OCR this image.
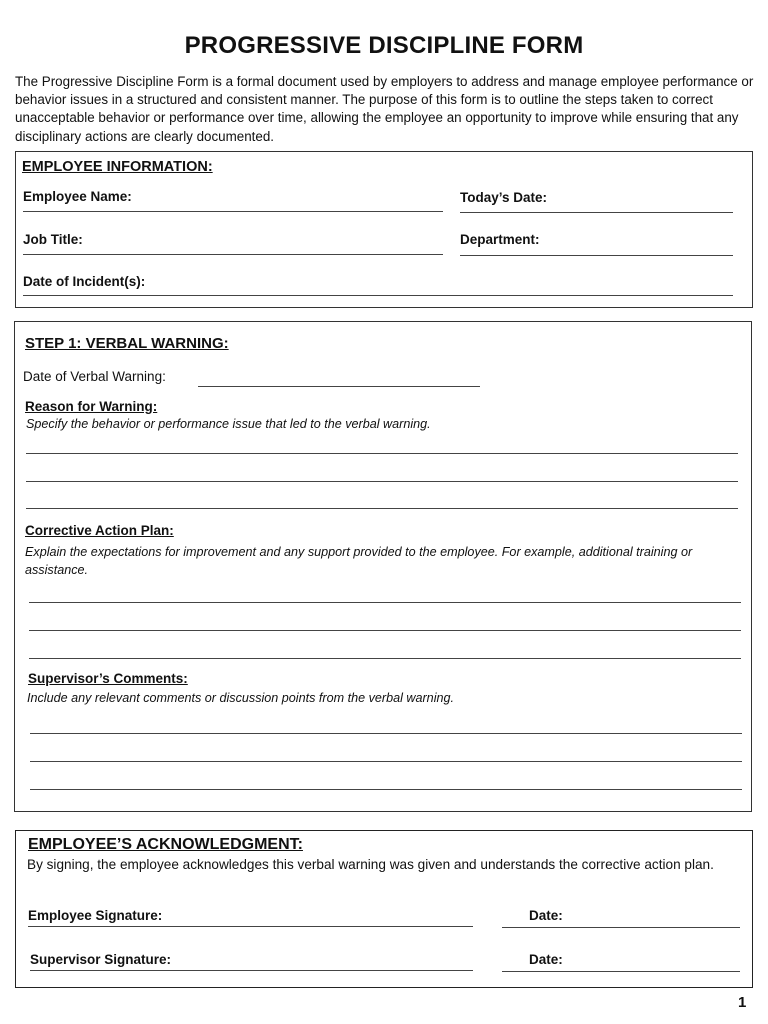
PROGRESSIVE DISCIPLINE FORM
The Progressive Discipline Form is a formal document used by employers to address and manage employee performance or behavior issues in a structured and consistent manner. The purpose of this form is to outline the steps taken to correct unacceptable behavior or performance over time, allowing the employee an opportunity to improve while ensuring that any disciplinary actions are clearly documented.
EMPLOYEE INFORMATION:
Employee Name:	Today’s Date:
Job Title:	Department:
Date of Incident(s):
STEP 1: VERBAL WARNING:
Date of Verbal Warning:
Reason for Warning:
Specify the behavior or performance issue that led to the verbal warning.
Corrective Action Plan:
Explain the expectations for improvement and any support provided to the employee. For example, additional training or assistance.
Supervisor’s Comments:
Include any relevant comments or discussion points from the verbal warning.
EMPLOYEE’S ACKNOWLEDGMENT:
By signing, the employee acknowledges this verbal warning was given and understands the corrective action plan.
Employee Signature:	Date:
Supervisor Signature:	Date:
1
